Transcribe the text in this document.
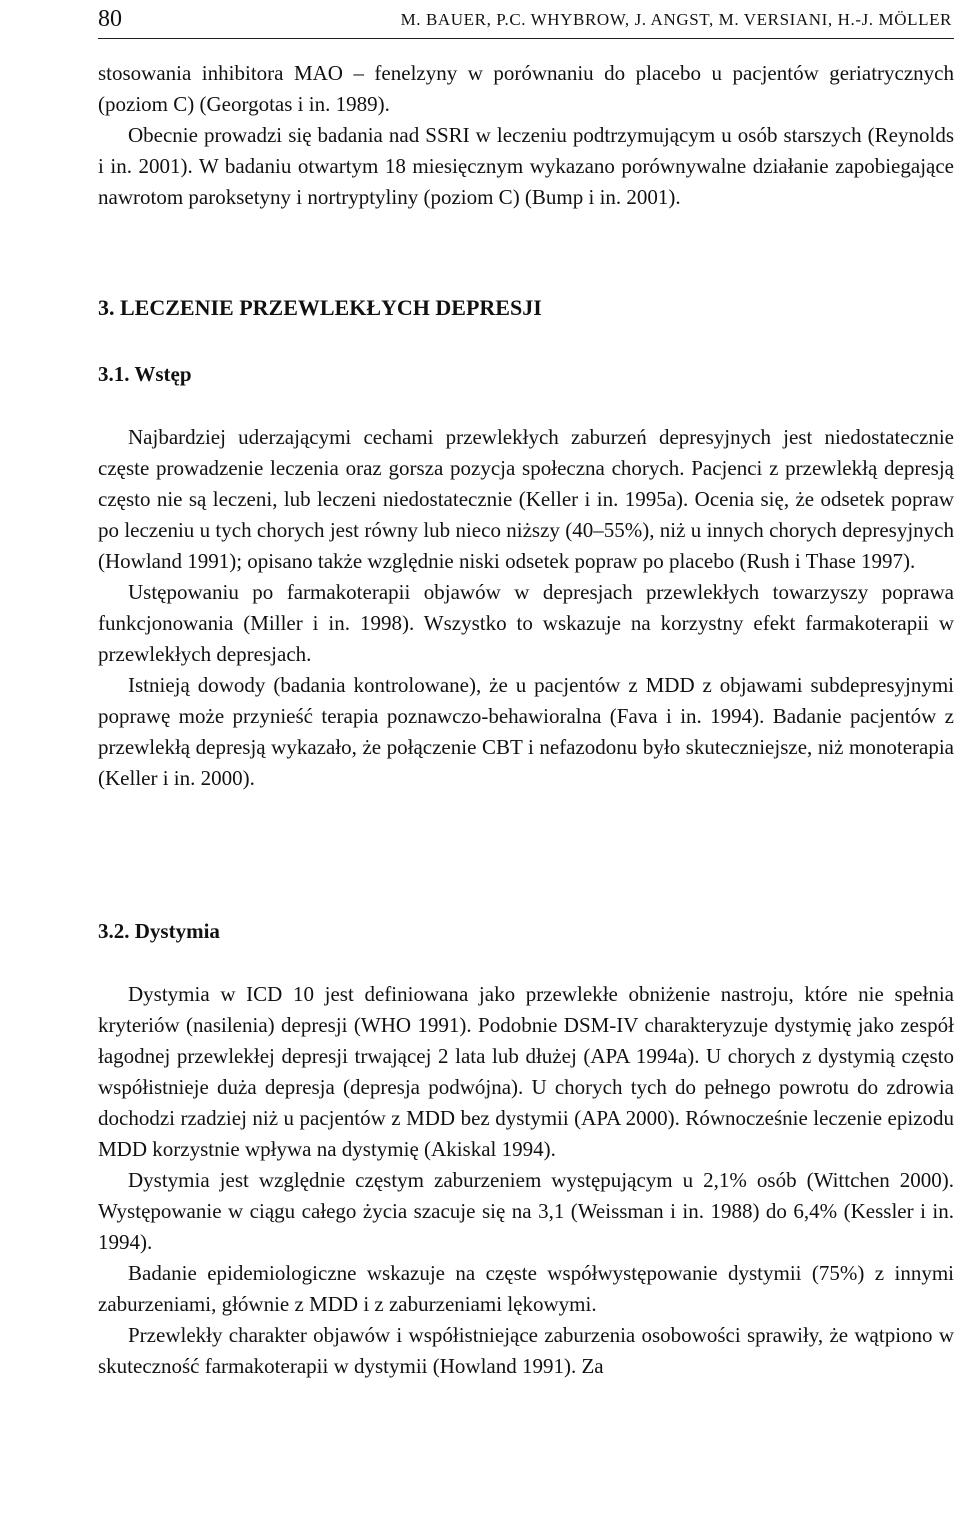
80	M. BAUER, P.C. WHYBROW, J. ANGST, M. VERSIANI, H.-J. MÖLLER

stosowania inhibitora MAO – fenelzyny w porównaniu do placebo u pacjentów geriatrycznych (poziom C) (Georgotas i in. 1989).

Obecnie prowadzi się badania nad SSRI w leczeniu podtrzymującym u osób starszych (Reynolds i in. 2001). W badaniu otwartym 18 miesięcznym wykazano porównywalne działanie zapobiegające nawrotom paroksetyny i nortryptyliny (poziom C) (Bump i in. 2001).

3. LECZENIE PRZEWLEKŁYCH DEPRESJI
3.1. Wstęp

Najbardziej uderzającymi cechami przewlekłych zaburzeń depresyjnych jest niedostatecznie częste prowadzenie leczenia oraz gorsza pozycja społeczna chorych. Pacjenci z przewlekłą depresją często nie są leczeni, lub leczeni niedostatecznie (Keller i in. 1995a). Ocenia się, że odsetek popraw po leczeniu u tych chorych jest równy lub nieco niższy (40–55%), niż u innych chorych depresyjnych (Howland 1991); opisano także względnie niski odsetek popraw po placebo (Rush i Thase 1997).

Ustępowaniu po farmakoterapii objawów w depresjach przewlekłych towarzyszy poprawa funkcjonowania (Miller i in. 1998). Wszystko to wskazuje na korzystny efekt farmakoterapii w przewlekłych depresjach.

Istnieją dowody (badania kontrolowane), że u pacjentów z MDD z objawami subdepresyjnymi poprawę może przynieść terapia poznawczo-behawioralna (Fava i in. 1994). Badanie pacjentów z przewlekłą depresją wykazało, że połączenie CBT i nefazodonu było skuteczniejsze, niż monoterapia (Keller i in. 2000).

3.2. Dystymia

Dystymia w ICD 10 jest definiowana jako przewlekłe obniżenie nastroju, które nie spełnia kryteriów (nasilenia) depresji (WHO 1991). Podobnie DSM-IV charakteryzuje dystymię jako zespół łagodnej przewlekłej depresji trwającej 2 lata lub dłużej (APA 1994a). U chorych z dystymią często współistnieje duża depresja (depresja podwójna). U chorych tych do pełnego powrotu do zdrowia dochodzi rzadziej niż u pacjentów z MDD bez dystymii (APA 2000). Równocześnie leczenie epizodu MDD korzystnie wpływa na dystymię (Akiskal 1994).

Dystymia jest względnie częstym zaburzeniem występującym u 2,1% osób (Wittchen 2000). Występowanie w ciągu całego życia szacuje się na 3,1 (Weissman i in. 1988) do 6,4% (Kessler i in. 1994).

Badanie epidemiologiczne wskazuje na częste współwystępowanie dystymii (75%) z innymi zaburzeniami, głównie z MDD i z zaburzeniami lękowymi.

Przewlekły charakter objawów i współistniejące zaburzenia osobowości sprawiły, że wątpiono w skuteczność farmakoterapii w dystymii (Howland 1991). Za
